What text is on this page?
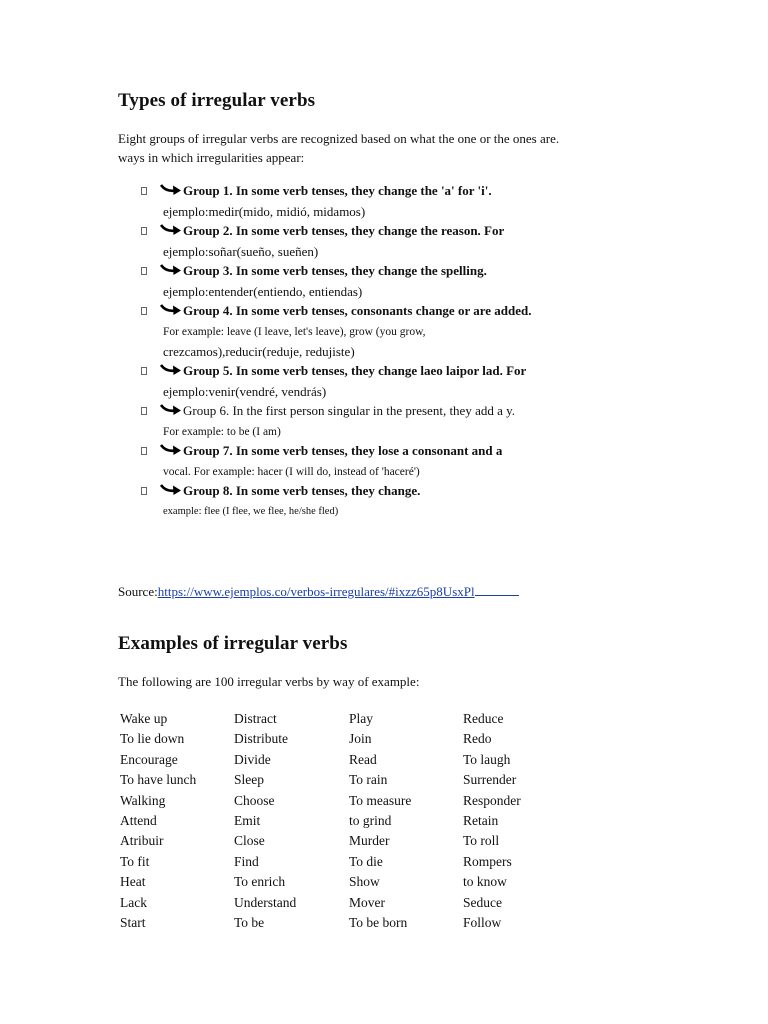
Types of irregular verbs
Eight groups of irregular verbs are recognized based on what the one or the ones are.
ways in which irregularities appear:
Group 1. In some verb tenses, they change the 'a' for 'i'.
ejemplo:medir(mido, midió, midamos)
Group 2. In some verb tenses, they change the reason. For
ejemplo:soñar(sueño, sueñen)
Group 3. In some verb tenses, they change the spelling.
ejemplo:entender(entiendo, entiendas)
Group 4. In some verb tenses, consonants change or are added.
For example: leave (I leave, let's leave), grow (you grow,
crezcamos),reducir(reduje, redujiste)
Group 5. In some verb tenses, they change laeo laipor lad. For
ejemplo:venir(vendré, vendrás)
Group 6. In the first person singular in the present, they add a y.
For example: to be (I am)
Group 7. In some verb tenses, they lose a consonant and a
vocal. For example: hacer (I will do, instead of 'haceré')
Group 8. In some verb tenses, they change.
example: flee (I flee, we flee, he/she fled)
Source:https://www.ejemplos.co/verbos-irregulares/#ixzz65p8UsxPl
Examples of irregular verbs
The following are 100 irregular verbs by way of example:
Wake up
To lie down
Encourage
To have lunch
Walking
Attend
Atribuir
To fit
Heat
Lack
Start
Distract
Distribute
Divide
Sleep
Choose
Emit
Close
Find
To enrich
Understand
To be
Play
Join
Read
To rain
To measure
to grind
Murder
To die
Show
Mover
To be born
Reduce
Redo
To laugh
Surrender
Responder
Retain
To roll
Rompers
to know
Seduce
Follow
